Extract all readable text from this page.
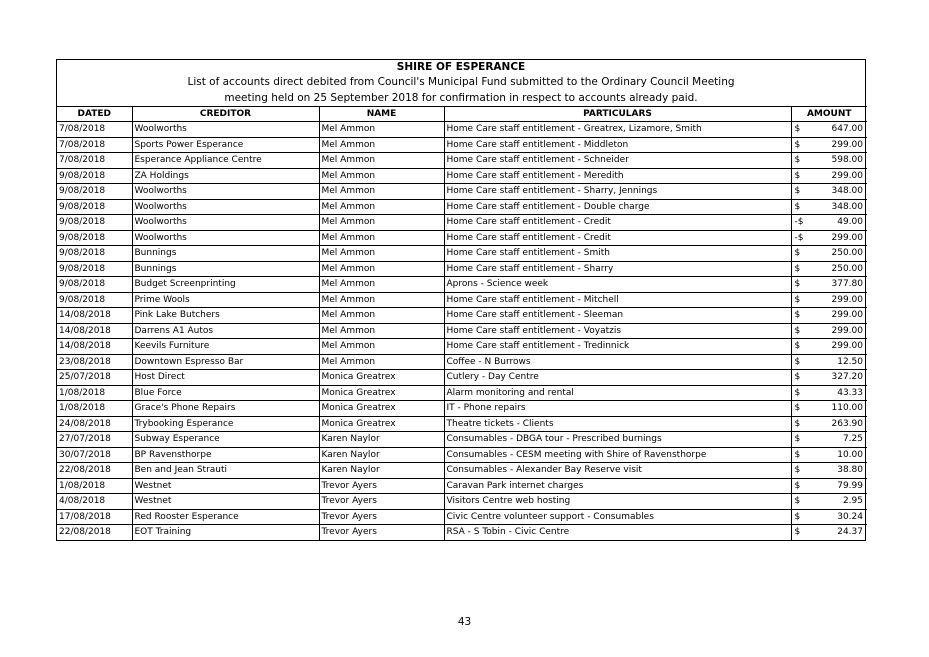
SHIRE OF ESPERANCE
List of accounts direct debited from Council's Municipal Fund submitted to the Ordinary Council Meeting
meeting held on 25 September 2018 for confirmation in respect to accounts already paid.
DATED	CREDITOR	NAME	PARTICULARS	AMOUNT
7/08/2018	Woolworths	Mel Ammon	Home Care staff entitlement - Greatrex, Lizamore, Smith	$ 647.00
7/08/2018	Sports Power Esperance	Mel Ammon	Home Care staff entitlement - Middleton	$ 299.00
7/08/2018	Esperance Appliance Centre	Mel Ammon	Home Care staff entitlement - Schneider	$ 598.00
9/08/2018	ZA Holdings	Mel Ammon	Home Care staff entitlement - Meredith	$ 299.00
9/08/2018	Woolworths	Mel Ammon	Home Care staff entitlement - Sharry, Jennings	$ 348.00
9/08/2018	Woolworths	Mel Ammon	Home Care staff entitlement - Double charge	$ 348.00
9/08/2018	Woolworths	Mel Ammon	Home Care staff entitlement - Credit	-$ 49.00
9/08/2018	Woolworths	Mel Ammon	Home Care staff entitlement - Credit	-$ 299.00
9/08/2018	Bunnings	Mel Ammon	Home Care staff entitlement - Smith	$ 250.00
9/08/2018	Bunnings	Mel Ammon	Home Care staff entitlement - Sharry	$ 250.00
9/08/2018	Budget Screenprinting	Mel Ammon	Aprons - Science week	$ 377.80
9/08/2018	Prime Wools	Mel Ammon	Home Care staff entitlement - Mitchell	$ 299.00
14/08/2018	Pink Lake Butchers	Mel Ammon	Home Care staff entitlement - Sleeman	$ 299.00
14/08/2018	Darrens A1 Autos	Mel Ammon	Home Care staff entitlement - Voyatzis	$ 299.00
14/08/2018	Keevils Furniture	Mel Ammon	Home Care staff entitlement - Tredinnick	$ 299.00
23/08/2018	Downtown Espresso Bar	Mel Ammon	Coffee - N Burrows	$ 12.50
25/07/2018	Host Direct	Monica Greatrex	Cutlery - Day Centre	$ 327.20
1/08/2018	Blue Force	Monica Greatrex	Alarm monitoring and rental	$ 43.33
1/08/2018	Grace's Phone Repairs	Monica Greatrex	IT - Phone repairs	$ 110.00
24/08/2018	Trybooking Esperance	Monica Greatrex	Theatre tickets - Clients	$ 263.90
27/07/2018	Subway Esperance	Karen Naylor	Consumables - DBGA tour - Prescribed burnings	$ 7.25
30/07/2018	BP Ravensthorpe	Karen Naylor	Consumables - CESM meeting with Shire of Ravensthorpe	$ 10.00
22/08/2018	Ben and Jean Strauti	Karen Naylor	Consumables - Alexander Bay Reserve visit	$ 38.80
1/08/2018	Westnet	Trevor Ayers	Caravan Park internet charges	$ 79.99
4/08/2018	Westnet	Trevor Ayers	Visitors Centre web hosting	$ 2.95
17/08/2018	Red Rooster Esperance	Trevor Ayers	Civic Centre volunteer support - Consumables	$ 30.24
22/08/2018	EOT Training	Trevor Ayers	RSA - S Tobin - Civic Centre	$ 24.37
43
